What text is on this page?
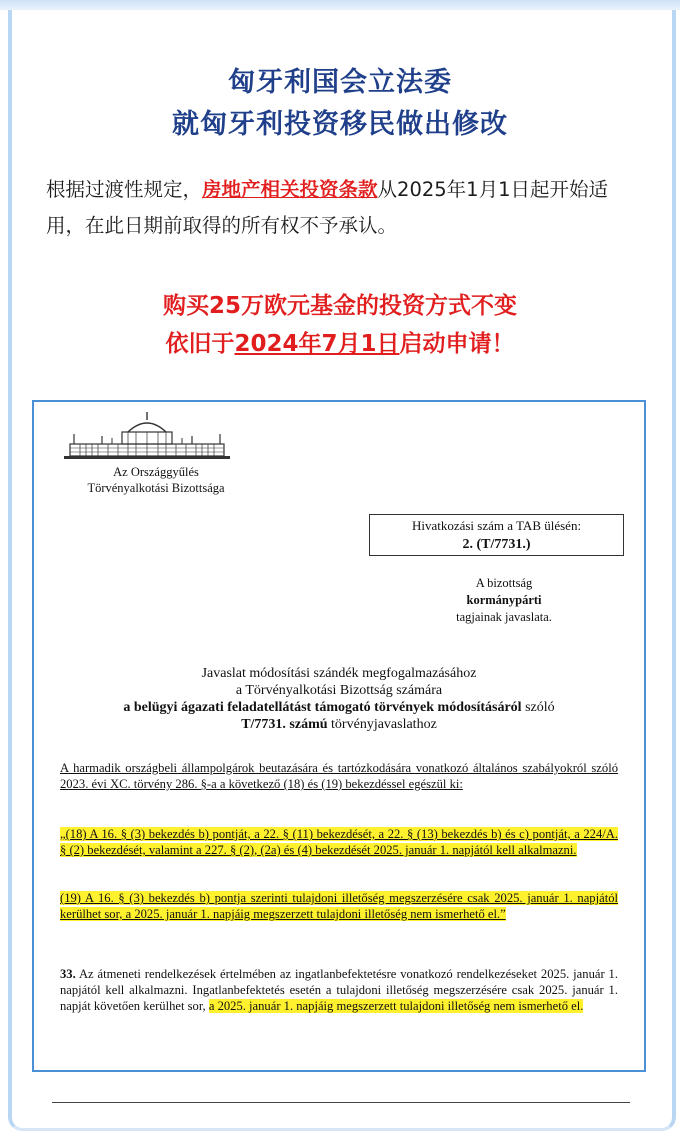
匈牙利国会立法委
就匈牙利投资移民做出修改
根据过渡性规定，房地产相关投资条款从2025年1月1日起开始适用，在此日期前取得的所有权不予承认。
购买25万欧元基金的投资方式不变
依旧于2024年7月1日启动申请！
Az Országgyűlés
Törvényalkotási Bizottsága
Hivatkozási szám a TAB ülésén:
2. (T/7731.)
A bizottság
kormánypárti
tagjainak javaslata.
Javaslat módosítási szándék megfogalmazásához
a Törvényalkotási Bizottság számára
a belügyi ágazati feladatellátást támogató törvények módosításáról szóló
T/7731. számú törvényjavaslathoz
A harmadik országbeli állampolgárok beutazására és tartózkodására vonatkozó általános szabályokról szóló 2023. évi XC. törvény 286. §-a a következő (18) és (19) bekezdéssel egészül ki:
„(18) A 16. § (3) bekezdés b) pontját, a 22. § (11) bekezdését, a 22. § (13) bekezdés b) és c) pontját, a 224/A. § (2) bekezdését, valamint a 227. § (2), (2a) és (4) bekezdését 2025. január 1. napjától kell alkalmazni.
(19) A 16. § (3) bekezdés b) pontja szerinti tulajdoni illetőség megszerzésére csak 2025. január 1. napjától kerülhet sor, a 2025. január 1. napjáig megszerzett tulajdoni illetőség nem ismerhető el.”
33. Az átmeneti rendelkezések értelmében az ingatlanbefektetésre vonatkozó rendelkezéseket 2025. január 1. napjától kell alkalmazni. Ingatlanbefektetés esetén a tulajdoni illetőség megszerzésére csak 2025. január 1. napját követően kerülhet sor, a 2025. január 1. napjáig megszerzett tulajdoni illetőség nem ismerhető el.
